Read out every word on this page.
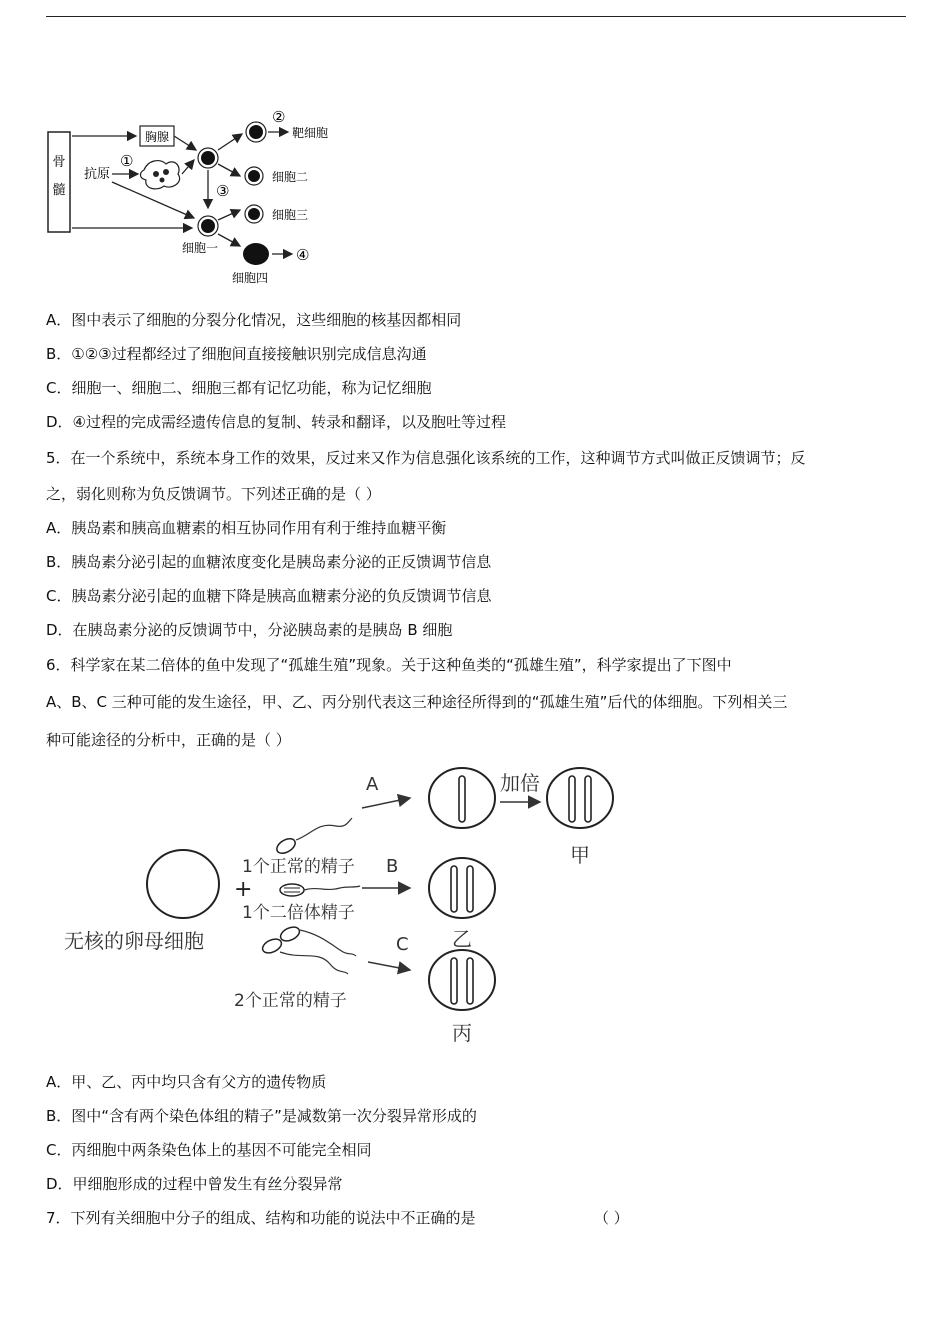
骨
髓
胸腺
抗原
①
③
②
靶细胞
细胞二
细胞一
细胞三
④
细胞四
A．图中表示了细胞的分裂分化情况，这些细胞的核基因都相同
B．①②③过程都经过了细胞间直接接触识别完成信息沟通
C．细胞一、细胞二、细胞三都有记忆功能，称为记忆细胞
D．④过程的完成需经遗传信息的复制、转录和翻译，以及胞吐等过程
5．在一个系统中，系统本身工作的效果，反过来又作为信息强化该系统的工作，这种调节方式叫做正反馈调节；反
之，弱化则称为负反馈调节。下列述正确的是（ ）
A．胰岛素和胰高血糖素的相互协同作用有利于维持血糖平衡
B．胰岛素分泌引起的血糖浓度变化是胰岛素分泌的正反馈调节信息
C．胰岛素分泌引起的血糖下降是胰高血糖素分泌的负反馈调节信息
D．在胰岛素分泌的反馈调节中，分泌胰岛素的是胰岛 B 细胞
6．科学家在某二倍体的鱼中发现了“孤雄生殖”现象。关于这种鱼类的“孤雄生殖”，科学家提出了下图中
A、B、C 三种可能的发生途径，甲、乙、丙分别代表这三种途径所得到的“孤雄生殖”后代的体细胞。下列相关三
种可能途径的分析中，正确的是（ ）
无核的卵母细胞
+
1个正常的精子
1个二倍体精子
2个正常的精子
A	加倍
甲
B
乙
C
丙
A．甲、乙、丙中均只含有父方的遗传物质
B．图中“含有两个染色体组的精子”是减数第一次分裂异常形成的
C．丙细胞中两条染色体上的基因不可能完全相同
D．甲细胞形成的过程中曾发生有丝分裂异常
7．下列有关细胞中分子的组成、结构和功能的说法中不正确的是	（ ）
